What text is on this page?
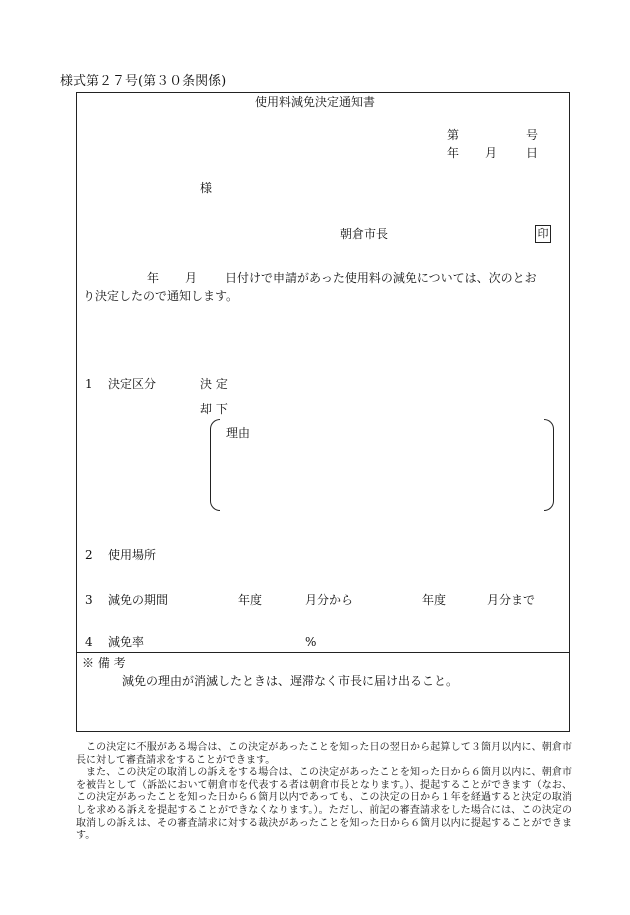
様式第２７号(第３０条関係)
使用料減免決定通知書
第	号
年 月 日
様
朝倉市長	印
年 月 日付けで申請があった使用料の減免については、次のとお
り決定したので通知します。
1 決定区分	決 定
却 下
理由
2 使用場所
3 減免の期間	年度	月分から	年度	月分まで
4 減免率	%
※ 備 考
減免の理由が消滅したときは、遅滞なく市長に届け出ること。

この決定に不服がある場合は、この決定があったことを知った日の翌日から起算して３箇月以内に、朝倉市長に対して審査請求をすることができます。

また、この決定の取消しの訴えをする場合は、この決定があったことを知った日から６箇月以内に、朝倉市を被告として（訴訟において朝倉市を代表する者は朝倉市長となります。）、提起することができます（なお、この決定があったことを知った日から６箇月以内であっても、この決定の日から１年を経過すると決定の取消しを求める訴えを提起することができなくなります。）。ただし、前記の審査請求をした場合には、この決定の取消しの訴えは、その審査請求に対する裁決があったことを知った日から６箇月以内に提起することができます。
